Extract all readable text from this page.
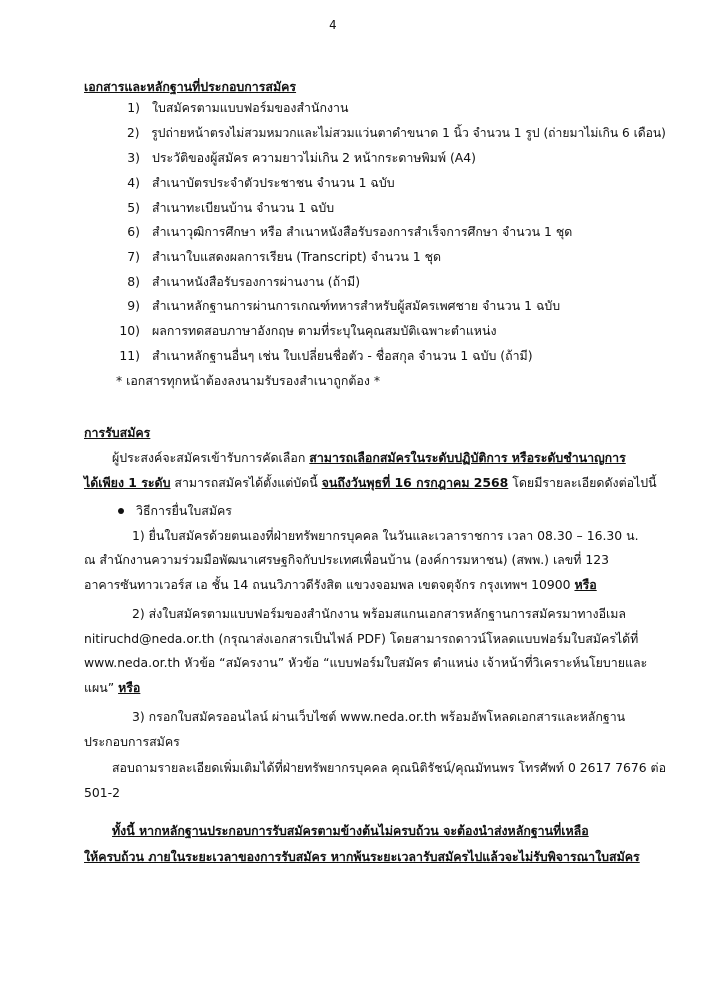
4
เอกสารและหลักฐานที่ประกอบการสมัคร
1) ใบสมัครตามแบบฟอร์มของสำนักงาน
2) รูปถ่ายหน้าตรงไม่สวมหมวกและไม่สวมแว่นตาดำขนาด 1 นิ้ว จำนวน 1 รูป (ถ่ายมาไม่เกิน 6 เดือน)
3) ประวัติของผู้สมัคร ความยาวไม่เกิน 2 หน้ากระดาษพิมพ์ (A4)
4) สำเนาบัตรประจำตัวประชาชน จำนวน 1 ฉบับ
5) สำเนาทะเบียนบ้าน จำนวน 1 ฉบับ
6) สำเนาวุฒิการศึกษา หรือ สำเนาหนังสือรับรองการสำเร็จการศึกษา จำนวน 1 ชุด
7) สำเนาใบแสดงผลการเรียน (Transcript) จำนวน 1 ชุด
8) สำเนาหนังสือรับรองการผ่านงาน (ถ้ามี)
9) สำเนาหลักฐานการผ่านการเกณฑ์ทหารสำหรับผู้สมัครเพศชาย จำนวน 1 ฉบับ
10) ผลการทดสอบภาษาอังกฤษ ตามที่ระบุในคุณสมบัติเฉพาะตำแหน่ง
11) สำเนาหลักฐานอื่นๆ เช่น ใบเปลี่ยนชื่อตัว - ชื่อสกุล จำนวน 1 ฉบับ (ถ้ามี)
* เอกสารทุกหน้าต้องลงนามรับรองสำเนาถูกต้อง *
การรับสมัคร
ผู้ประสงค์จะสมัครเข้ารับการคัดเลือก สามารถเลือกสมัครในระดับปฏิบัติการ หรือระดับชำนาญการ
ได้เพียง 1 ระดับ สามารถสมัครได้ตั้งแต่บัดนี้ จนถึงวันพุธที่ 16 กรกฎาคม 2568 โดยมีรายละเอียดดังต่อไปนี้
วิธีการยื่นใบสมัคร
1) ยื่นใบสมัครด้วยตนเองที่ฝ่ายทรัพยากรบุคคล ในวันและเวลาราชการ เวลา 08.30 – 16.30 น.
ณ สำนักงานความร่วมมือพัฒนาเศรษฐกิจกับประเทศเพื่อนบ้าน (องค์การมหาชน) (สพพ.) เลขที่ 123
อาคารซันทาวเวอร์ส เอ ชั้น 14 ถนนวิภาวดีรังสิต แขวงจอมพล เขตจตุจักร กรุงเทพฯ 10900 หรือ
2) ส่งใบสมัครตามแบบฟอร์มของสำนักงาน พร้อมสแกนเอกสารหลักฐานการสมัครมาทางอีเมล
nitiruchd@neda.or.th (กรุณาส่งเอกสารเป็นไฟล์ PDF) โดยสามารถดาวน์โหลดแบบฟอร์มใบสมัครได้ที่
www.neda.or.th หัวข้อ “สมัครงาน” หัวข้อ “แบบฟอร์มใบสมัคร ตำแหน่ง เจ้าหน้าที่วิเคราะห์นโยบายและ
แผน” หรือ
3) กรอกใบสมัครออนไลน์ ผ่านเว็บไซต์ www.neda.or.th พร้อมอัพโหลดเอกสารและหลักฐาน
ประกอบการสมัคร
สอบถามรายละเอียดเพิ่มเติมได้ที่ฝ่ายทรัพยากรบุคคล คุณนิติรัชน์/คุณมัทนพร โทรศัพท์ 0 2617 7676 ต่อ
501-2
ทั้งนี้ หากหลักฐานประกอบการรับสมัครตามข้างต้นไม่ครบถ้วน จะต้องนำส่งหลักฐานที่เหลือ
ให้ครบถ้วน ภายในระยะเวลาของการรับสมัคร หากพ้นระยะเวลารับสมัครไปแล้วจะไม่รับพิจารณาใบสมัคร
